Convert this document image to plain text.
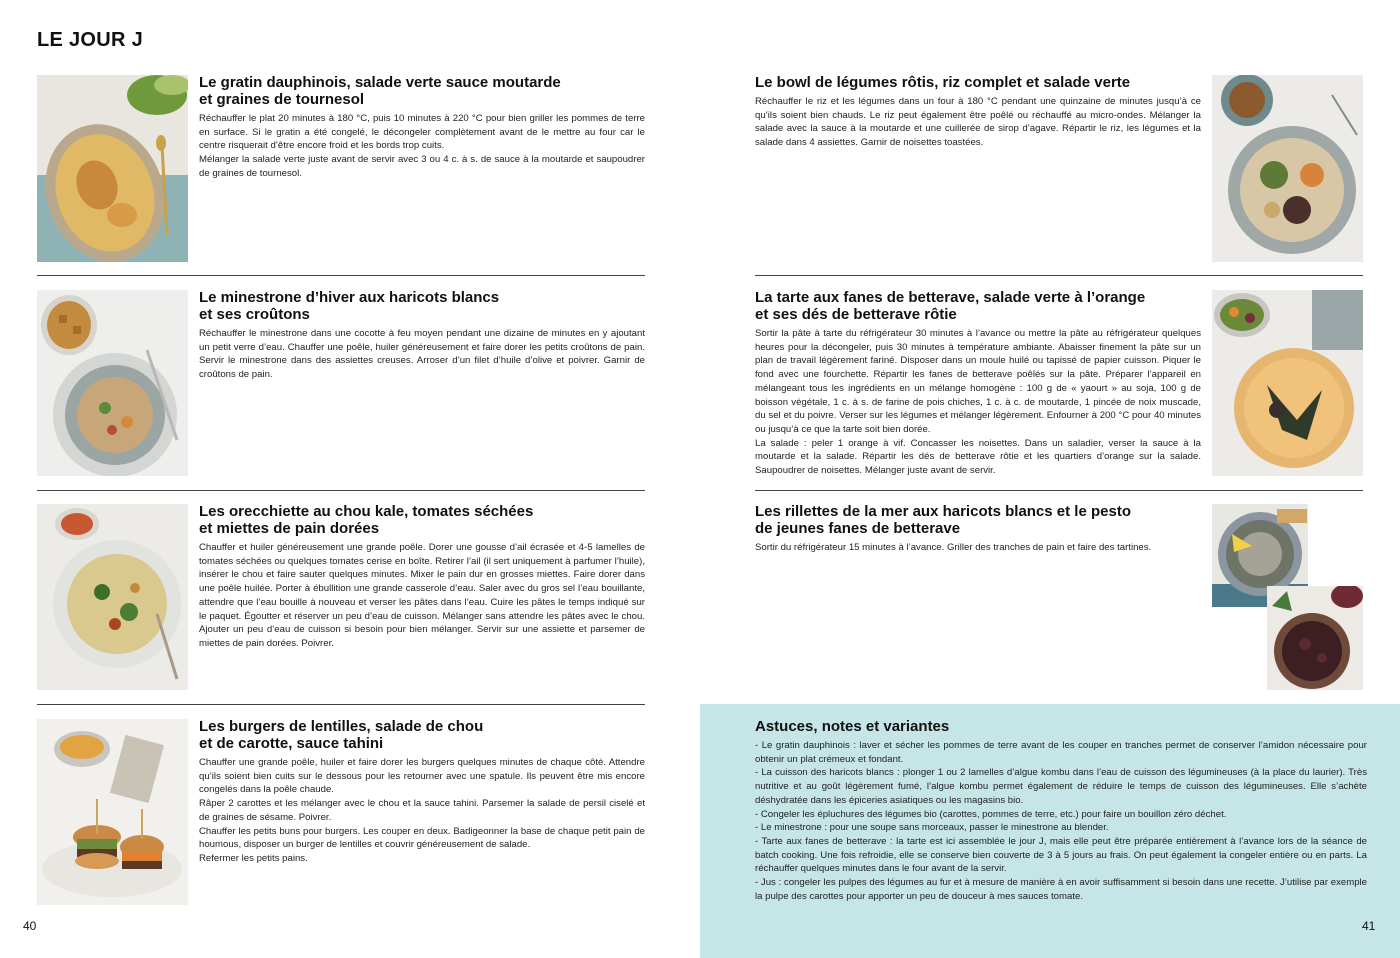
LE JOUR J
Le gratin dauphinois, salade verte sauce moutarde
et graines de tournesol

Réchauffer le plat 20 minutes à 180 °C, puis 10 minutes à 220 °C pour bien griller les pommes de terre en surface. Si le gratin a été congelé, le décongeler complètement avant de le mettre au four car le centre risquerait d’être encore froid et les bords trop cuits.

Mélanger la salade verte juste avant de servir avec 3 ou 4 c. à s. de sauce à la moutarde et saupoudrer de graines de tournesol.

Le minestrone d’hiver aux haricots blancs
et ses croûtons

Réchauffer le minestrone dans une cocotte à feu moyen pendant une dizaine de minutes en y ajoutant un petit verre d’eau. Chauffer une poêle, huiler généreusement et faire dorer les petits croûtons de pain. Servir le minestrone dans des assiettes creuses. Arroser d’un filet d’huile d’olive et poivrer. Garnir de croûtons de pain.

Les orecchiette au chou kale, tomates séchées
et miettes de pain dorées

Chauffer et huiler généreusement une grande poêle. Dorer une gousse d’ail écrasée et 4-5 lamelles de tomates séchées ou quelques tomates cerise en boîte. Retirer l’ail (il sert uniquement à parfumer l’huile), insérer le chou et faire sauter quelques minutes. Mixer le pain dur en grosses miettes. Faire dorer dans une poêle huilée. Porter à ébullition une grande casserole d’eau. Saler avec du gros sel l’eau bouillante, attendre que l’eau bouille à nouveau et verser les pâtes dans l’eau. Cuire les pâtes le temps indiqué sur le paquet. Égoutter et réserver un peu d’eau de cuisson. Mélanger sans attendre les pâtes avec le chou. Ajouter un peu d’eau de cuisson si besoin pour bien mélanger. Servir sur une assiette et parsemer de miettes de pain dorées. Poivrer.

Les burgers de lentilles, salade de chou
et de carotte, sauce tahini

Chauffer une grande poêle, huiler et faire dorer les burgers quelques minutes de chaque côté. Attendre qu’ils soient bien cuits sur le dessous pour les retourner avec une spatule. Ils peuvent être mis encore congelés dans la poêle chaude.

Râper 2 carottes et les mélanger avec le chou et la sauce tahini. Parsemer la salade de persil ciselé et de graines de sésame. Poivrer.

Chauffer les petits buns pour burgers. Les couper en deux. Badigeonner la base de chaque petit pain de houmous, disposer un burger de lentilles et couvrir généreusement de salade.

Refermer les petits pains.

40
Le bowl de légumes rôtis, riz complet et salade verte

Réchauffer le riz et les légumes dans un four à 180 °C pendant une quinzaine de minutes jusqu’à ce qu’ils soient bien chauds. Le riz peut également être poêlé ou réchauffé au micro-ondes. Mélanger la salade avec la sauce à la moutarde et une cuillerée de sirop d’agave. Répartir le riz, les légumes et la salade dans 4 assiettes. Garnir de noisettes toastées.

La tarte aux fanes de betterave, salade verte à l’orange
et ses dés de betterave rôtie

Sortir la pâte à tarte du réfrigérateur 30 minutes à l’avance ou mettre la pâte au réfrigérateur quelques heures pour la décongeler, puis 30 minutes à température ambiante. Abaisser finement la pâte sur un plan de travail légèrement fariné. Disposer dans un moule huilé ou tapissé de papier cuisson. Piquer le fond avec une fourchette. Répartir les fanes de betterave poêlés sur la pâte. Préparer l’appareil en mélangeant tous les ingrédients en un mélange homogène : 100 g de « yaourt » au soja, 100 g de boisson végétale, 1 c. à s. de farine de pois chiches, 1 c. à c. de moutarde, 1 pincée de noix muscade, du sel et du poivre. Verser sur les légumes et mélanger légèrement. Enfourner à 200 °C pour 40 minutes ou jusqu’à ce que la tarte soit bien dorée.

La salade : peler 1 orange à vif. Concasser les noisettes. Dans un saladier, verser la sauce à la moutarde et la salade. Répartir les dés de betterave rôtie et les quartiers d’orange sur la salade. Saupoudrer de noisettes. Mélanger juste avant de servir.

Les rillettes de la mer aux haricots blancs et le pesto
de jeunes fanes de betterave

Sortir du réfrigérateur 15 minutes à l’avance. Griller des tranches de pain et faire des tartines.

Astuces, notes et variantes
- Le gratin dauphinois : laver et sécher les pommes de terre avant de les couper en tranches permet de conserver l’amidon nécessaire pour obtenir un plat crémeux et fondant.
- La cuisson des haricots blancs : plonger 1 ou 2 lamelles d’algue kombu dans l’eau de cuisson des légumineuses (à la place du laurier). Très nutritive et au goût légèrement fumé, l’algue kombu permet également de réduire le temps de cuisson des légumineuses. Elle s’achète déshydratée dans les épiceries asiatiques ou les magasins bio.
- Congeler les épluchures des légumes bio (carottes, pommes de terre, etc.) pour faire un bouillon zéro déchet.
- Le minestrone : pour une soupe sans morceaux, passer le minestrone au blender.
- Tarte aux fanes de betterave : la tarte est ici assemblée le jour J, mais elle peut être préparée entièrement à l’avance lors de la séance de batch cooking. Une fois refroidie, elle se conserve bien couverte de 3 à 5 jours au frais. On peut également la congeler entière ou en parts. La réchauffer quelques minutes dans le four avant de la servir.
- Jus : congeler les pulpes des légumes au fur et à mesure de manière à en avoir suffisamment si besoin dans une recette. J’utilise par exemple la pulpe des carottes pour apporter un peu de douceur à mes sauces tomate.
41
